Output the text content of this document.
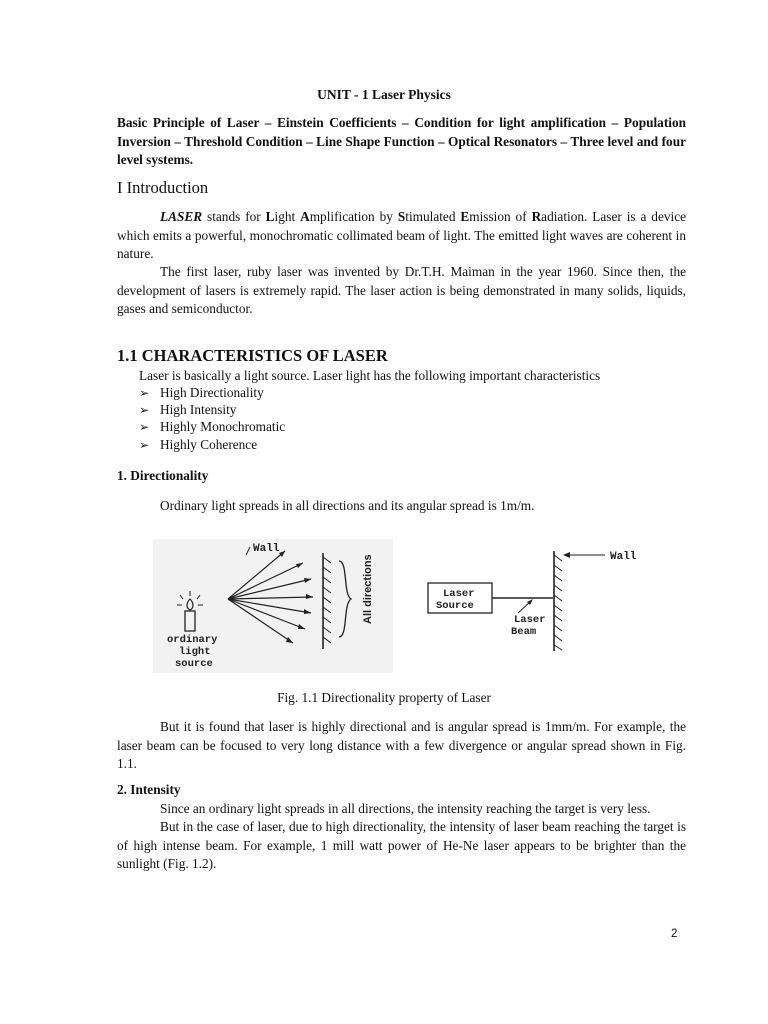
UNIT - 1 Laser Physics
Basic Principle of Laser – Einstein Coefficients – Condition for light amplification – Population Inversion – Threshold Condition – Line Shape Function – Optical Resonators – Three level and four level systems.
I Introduction
LASER stands for Light Amplification by Stimulated Emission of Radiation. Laser is a device which emits a powerful, monochromatic collimated beam of light. The emitted light waves are coherent in nature.
The first laser, ruby laser was invented by Dr.T.H. Maiman in the year 1960. Since then, the development of lasers is extremely rapid. The laser action is being demonstrated in many solids, liquids, gases and semiconductor.
1.1 CHARACTERISTICS OF LASER
Laser is basically a light source. Laser light has the following important characteristics
➢ High Directionality
➢ High Intensity
➢ Highly Monochromatic
➢ Highly Coherence
1. Directionality
Ordinary light spreads in all directions and its angular spread is 1m/m.
Wall
All directions
ordinary
light
source
Laser
Source
Laser
Beam
Wall
Fig. 1.1 Directionality property of Laser
But it is found that laser is highly directional and is angular spread is 1mm/m. For example, the laser beam can be focused to very long distance with a few divergence or angular spread shown in Fig. 1.1.
2. Intensity
Since an ordinary light spreads in all directions, the intensity reaching the target is very less.
But in the case of laser, due to high directionality, the intensity of laser beam reaching the target is of high intense beam. For example, 1 mill watt power of He-Ne laser appears to be brighter than the sunlight (Fig. 1.2).
2
